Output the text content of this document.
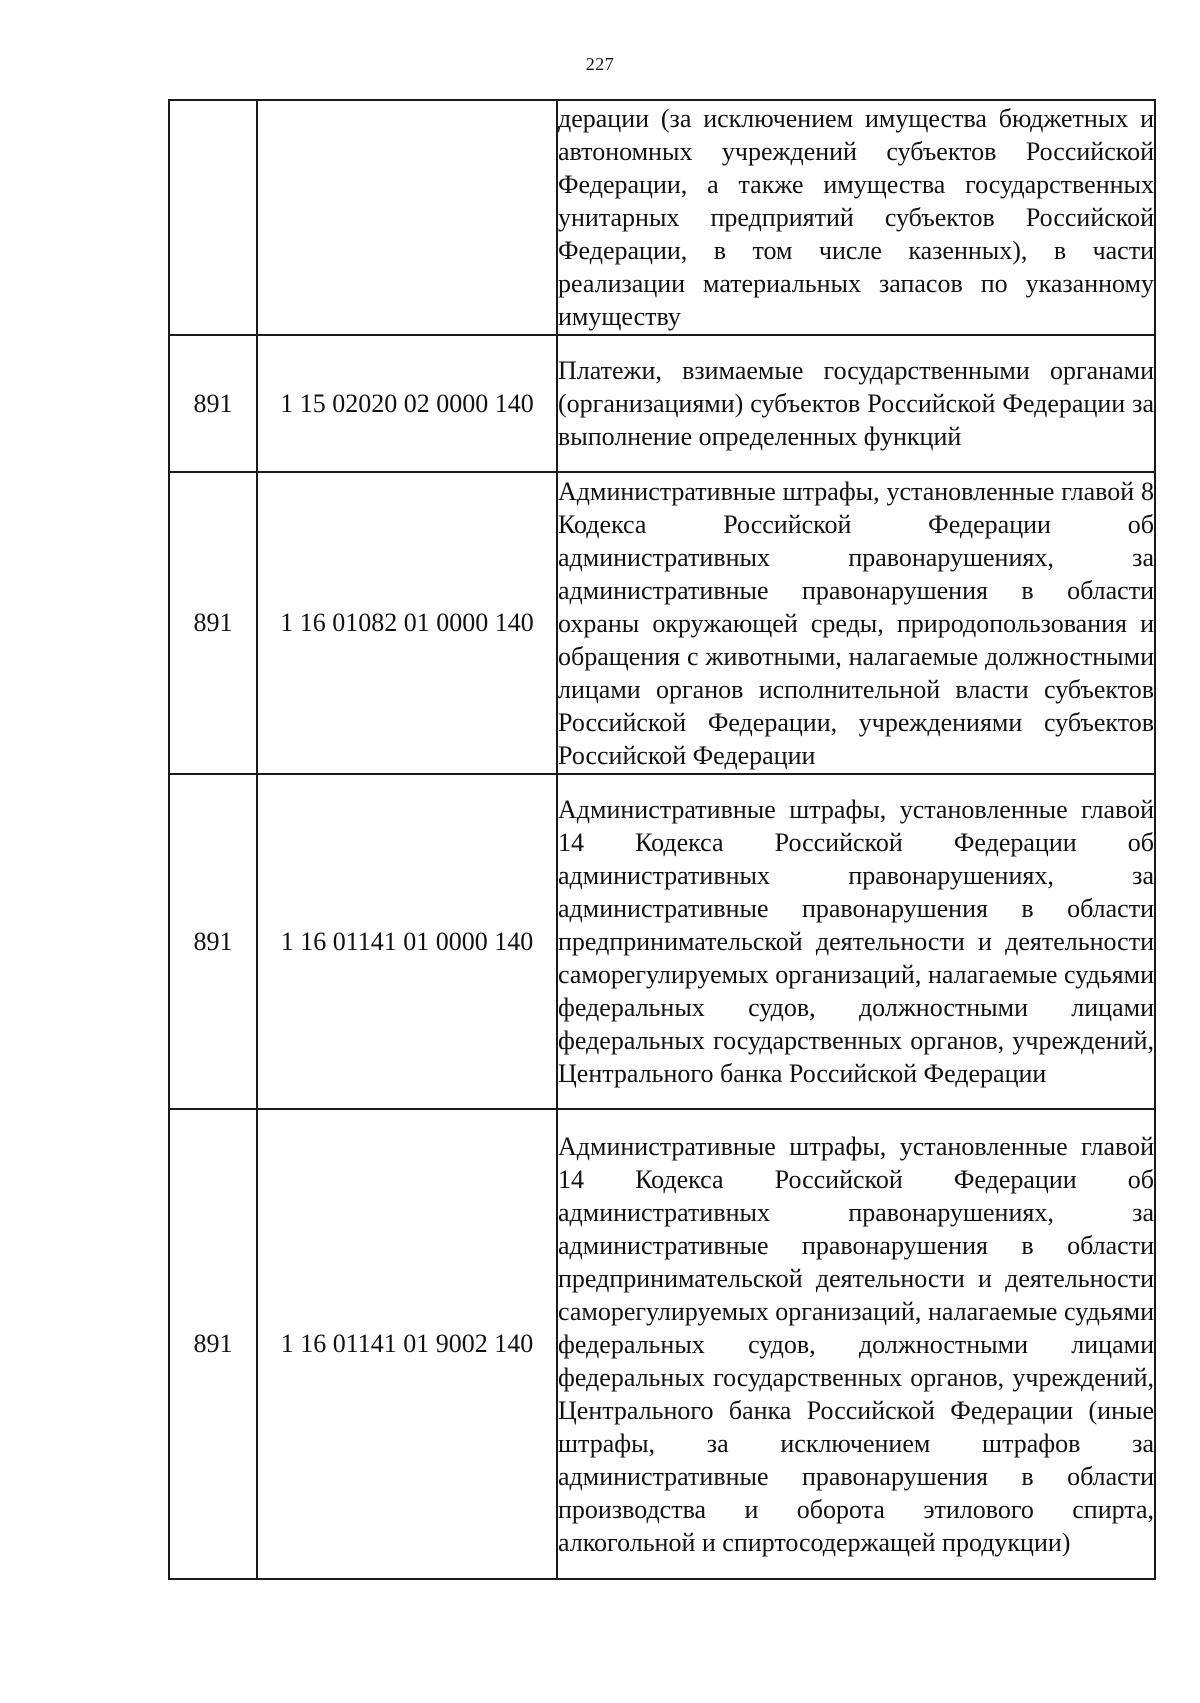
227
		дерации (за исключением имущества бюджетных и автономных учреждений субъектов Российской Федерации, а также имущества государственных унитарных предприятий субъектов Российской Федерации, в том числе казенных), в части реализации материальных запасов по указанному имуществу
891	1 15 02020 02 0000 140	Платежи, взимаемые государственными органами (организациями) субъектов Российской Федерации за выполнение определенных функций
891	1 16 01082 01 0000 140	Административные штрафы, установленные главой 8 Кодекса Российской Федерации об административных правонарушениях, за административные правонарушения в области охраны окружающей среды, природопользования и обращения с животными, налагаемые должностными лицами органов исполнительной власти субъектов Российской Федерации, учреждениями субъектов Российской Федерации
891	1 16 01141 01 0000 140	Административные штрафы, установленные главой 14 Кодекса Российской Федерации об административных правонарушениях, за административные правонарушения в области предпринимательской деятельности и деятельности саморегулируемых организаций, налагаемые судьями федеральных судов, должностными лицами федеральных государственных органов, учреждений, Центрального банка Российской Федерации
891	1 16 01141 01 9002 140	Административные штрафы, установленные главой 14 Кодекса Российской Федерации об административных правонарушениях, за административные правонарушения в области предпринимательской деятельности и деятельности саморегулируемых организаций, налагаемые судьями федеральных судов, должностными лицами федеральных государственных органов, учреждений, Центрального банка Российской Федерации (иные штрафы, за исключением штрафов за административные правонарушения в области производства и оборота этилового спирта, алкогольной и спиртосодержащей продукции)
